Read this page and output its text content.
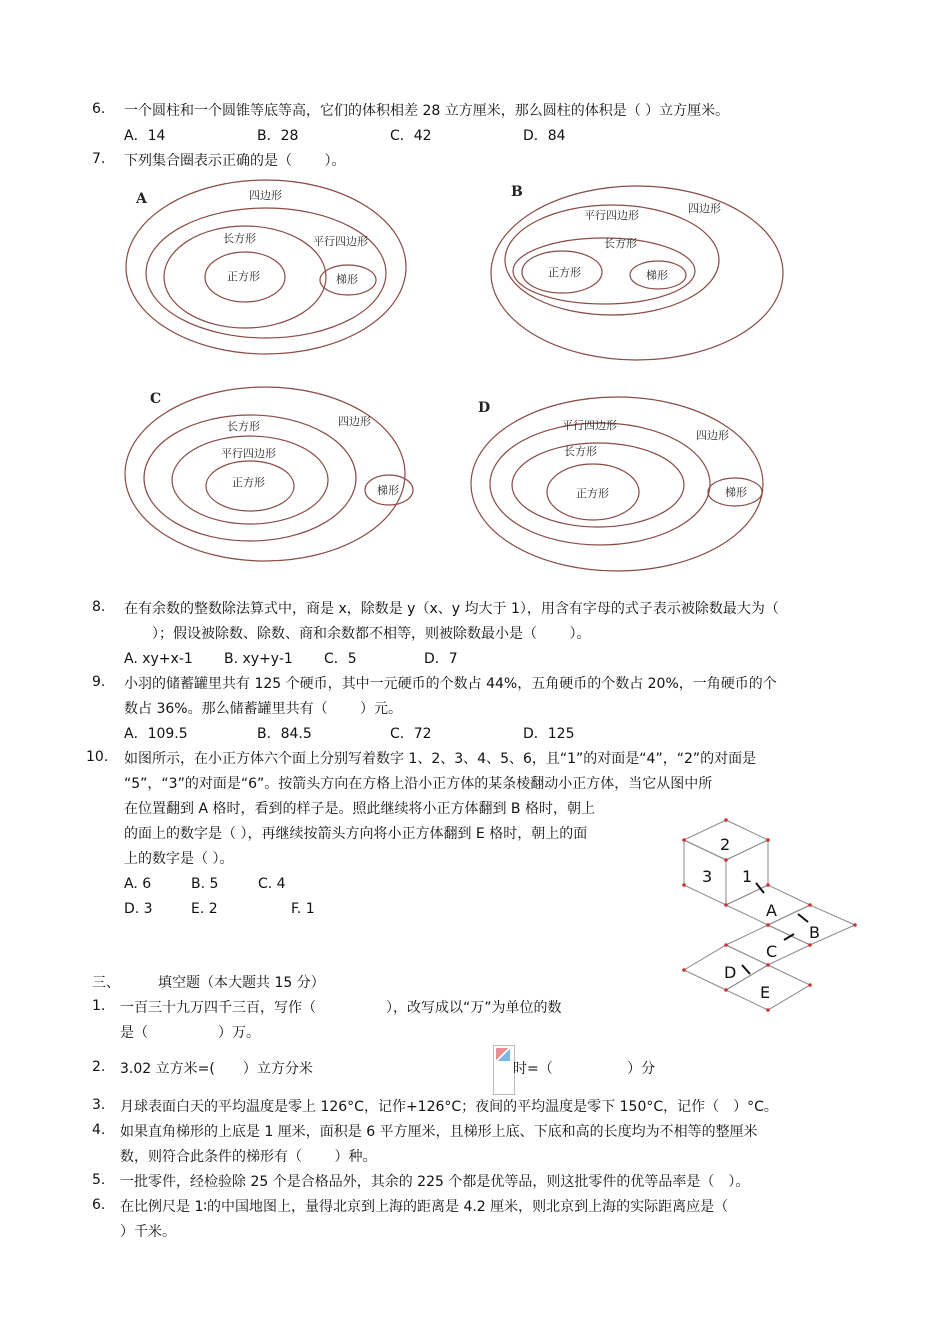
6. 一个圆柱和一个圆锥等底等高，它们的体积相差 28 立方厘米，那么圆柱的体积是（ ）立方厘米。
A．14	B．28	C．42	D．84
7. 下列集合圈表示正确的是（　　 ）。
A	四边形
长方形	平行四边形
正方形	梯形
B
平行四边形
四边形
长方形
正方形	梯形
C
长方形	四边形
平行四边形
正方形
梯形
D
平行四边形
四边形
长方形
正方形	梯形
8. 在有余数的整数除法算式中，商是 x，除数是 y（x、y 均大于 1），用含有字母的式子表示被除数最大为（
　　）；假设被除数、除数、商和余数都不相等，则被除数最小是（　　 ）。
A. xy+x-1 B. xy+y-1 C．5	D．7
9. 小羽的储蓄罐里共有 125 个硬币，其中一元硬币的个数占 44%，五角硬币的个数占 20%，一角硬币的个
数占 36%。那么储蓄罐里共有（　　 ）元。
A．109.5	B．84.5	C．72	D．125
10. 如图所示，在小正方体六个面上分别写着数字 1、2、3、4、5、6，且“1”的对面是“4”，“2”的对面是
“5”，“3”的对面是“6”。按箭头方向在方格上沿小正方体的某条棱翻动小正方体，当它从图中所
在位置翻到 A 格时，看到的样子是。照此继续将小正方体翻到 B 格时，朝上
的面上的数字是（ ），再继续按箭头方向将小正方体翻到 E 格时，朝上的面
上的数字是（ ）。
A. 6	B. 5	C. 4
D. 3	E. 2	F. 1
2
3 1
A
B
C
D
E
三、	填空题（本大题共 15 分）
1. 一百三十九万四千三百，写作（　　　　　），改写成以“万”为单位的数
是（　　　　　）万。
2. 3.02 立方米=(　　）立方分米	时=（　　　　　 ）分
3. 月球表面白天的平均温度是零上 126°C，记作+126°C；夜间的平均温度是零下 150°C，记作（　）°C。
4. 如果直角梯形的上底是 1 厘米，面积是 6 平方厘米，且梯形上底、下底和高的长度均为不相等的整厘米
数，则符合此条件的梯形有（　　 ）种。
5. 一批零件，经检验除 25 个是合格品外，其余的 225 个都是优等品，则这批零件的优等品率是（　）。
6. 在比例尺是 1∶的中国地图上，量得北京到上海的距离是 4.2 厘米，则北京到上海的实际距离应是（
）千米。
